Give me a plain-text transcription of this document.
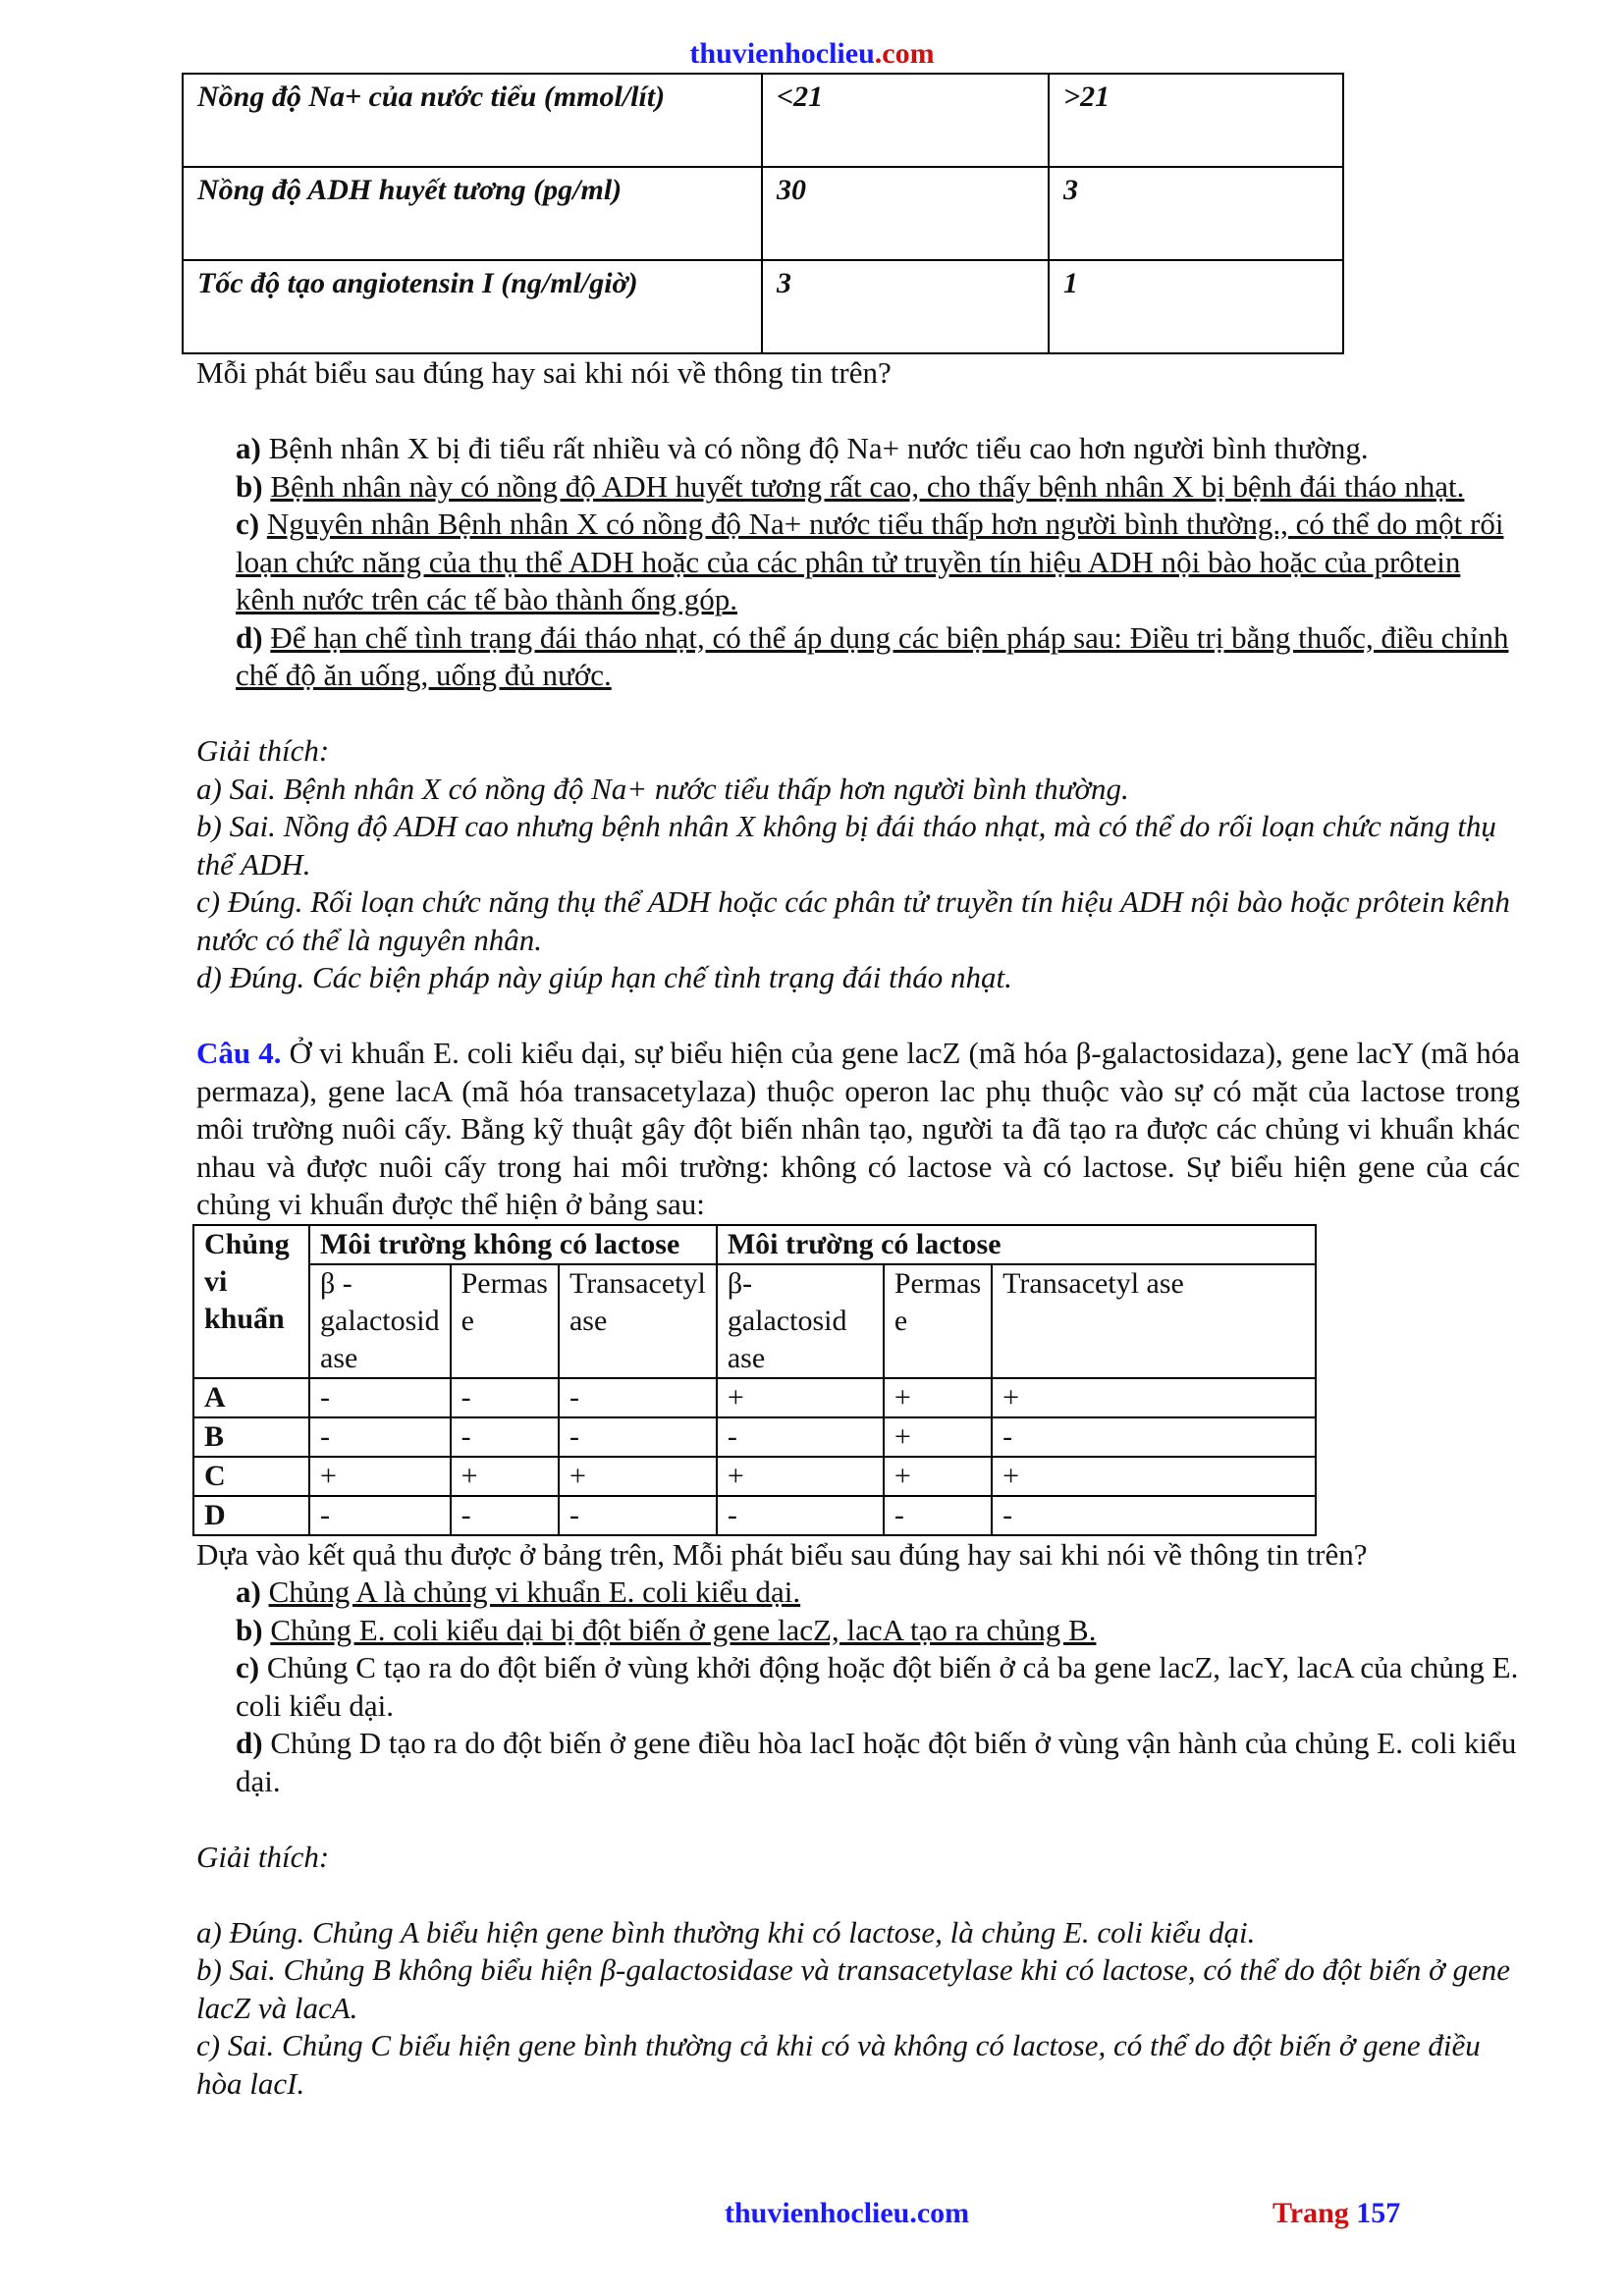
thuvienhoclieu.com
Nồng độ Na+ của nước tiểu (mmol/lít)	<21	>21
Nồng độ ADH huyết tương (pg/ml)	30	3
Tốc độ tạo angiotensin I (ng/ml/giờ)	3	1

Mỗi phát biểu sau đúng hay sai khi nói về thông tin trên?

a) Bệnh nhân X bị đi tiểu rất nhiều và có nồng độ Na+ nước tiểu cao hơn người bình thường.

b) Bệnh nhân này có nồng độ ADH huyết tương rất cao, cho thấy bệnh nhân X bị bệnh đái tháo nhạt.

c) Nguyên nhân Bệnh nhân X có nồng độ Na+ nước tiểu thấp hơn người bình thường., có thể do một rối loạn chức năng của thụ thể ADH hoặc của các phân tử truyền tín hiệu ADH nội bào hoặc của prôtein kênh nước trên các tế bào thành ống góp.

d) Để hạn chế tình trạng đái tháo nhạt, có thể áp dụng các biện pháp sau: Điều trị bằng thuốc, điều chỉnh chế độ ăn uống, uống đủ nước.

Giải thích:

a) Sai. Bệnh nhân X có nồng độ Na+ nước tiểu thấp hơn người bình thường.

b) Sai. Nồng độ ADH cao nhưng bệnh nhân X không bị đái tháo nhạt, mà có thể do rối loạn chức năng thụ thể ADH.

c) Đúng. Rối loạn chức năng thụ thể ADH hoặc các phân tử truyền tín hiệu ADH nội bào hoặc prôtein kênh nước có thể là nguyên nhân.

d) Đúng. Các biện pháp này giúp hạn chế tình trạng đái tháo nhạt.

Câu 4. Ở vi khuẩn E. coli kiểu dại, sự biểu hiện của gene lacZ (mã hóa β-galactosidaza), gene lacY (mã hóa permaza), gene lacA (mã hóa transacetylaza) thuộc operon lac phụ thuộc vào sự có mặt của lactose trong môi trường nuôi cấy. Bằng kỹ thuật gây đột biến nhân tạo, người ta đã tạo ra được các chủng vi khuẩn khác nhau và được nuôi cấy trong hai môi trường: không có lactose và có lactose. Sự biểu hiện gene của các chủng vi khuẩn được thể hiện ở bảng sau:

Chủng vi khuẩn	Môi trường không có lactose			Môi trường có lactose		
	β - galactosid ase	Permas e	Transacetyl ase	β- galactosid ase	Permas e	Transacetyl ase
A	-	-	-	+	+	+
B	-	-	-	-	+	-
C	+	+	+	+	+	+
D	-	-	-	-	-	-

Dựa vào kết quả thu được ở bảng trên, Mỗi phát biểu sau đúng hay sai khi nói về thông tin trên?

a) Chủng A là chủng vi khuẩn E. coli kiểu dại.

b) Chủng E. coli kiểu dại bị đột biến ở gene lacZ, lacA tạo ra chủng B.

c) Chủng C tạo ra do đột biến ở vùng khởi động hoặc đột biến ở cả ba gene lacZ, lacY, lacA của chủng E. coli kiểu dại.

d) Chủng D tạo ra do đột biến ở gene điều hòa lacI hoặc đột biến ở vùng vận hành của chủng E. coli kiểu dại.

Giải thích:

a) Đúng. Chủng A biểu hiện gene bình thường khi có lactose, là chủng E. coli kiểu dại.

b) Sai. Chủng B không biểu hiện β-galactosidase và transacetylase khi có lactose, có thể do đột biến ở gene lacZ và lacA.

c) Sai. Chủng C biểu hiện gene bình thường cả khi có và không có lactose, có thể do đột biến ở gene điều hòa lacI.

thuvienhoclieu.com	Trang 157
